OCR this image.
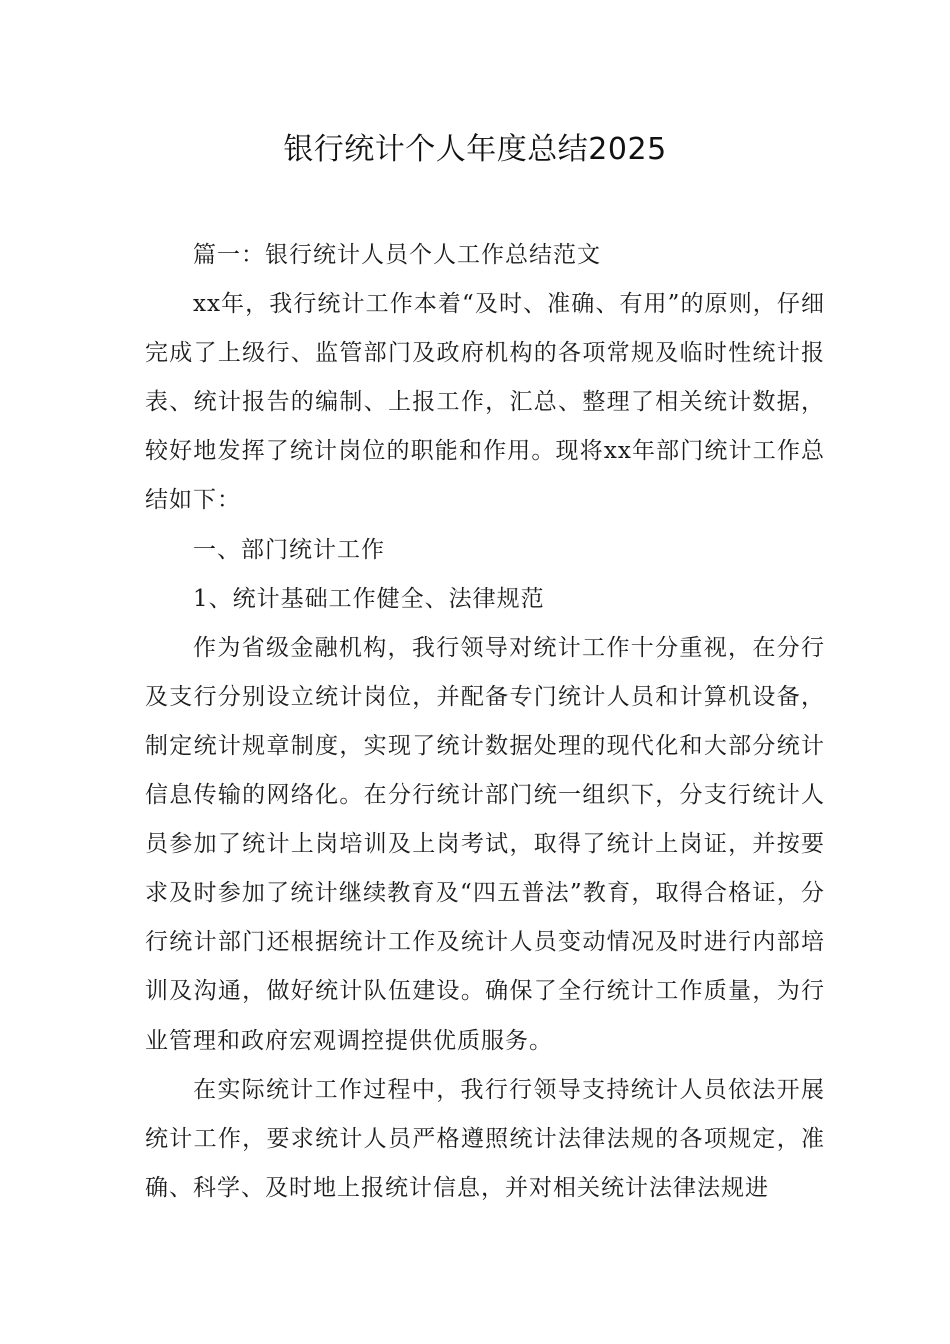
银行统计个人年度总结2025

篇一：银行统计人员个人工作总结范文

xx年，我行统计工作本着“及时、准确、有用”的原则，仔细完成了上级行、监管部门及政府机构的各项常规及临时性统计报表、统计报告的编制、上报工作，汇总、整理了相关统计数据，较好地发挥了统计岗位的职能和作用。现将xx年部门统计工作总结如下：

一、部门统计工作

1、统计基础工作健全、法律规范

作为省级金融机构，我行领导对统计工作十分重视，在分行及支行分别设立统计岗位，并配备专门统计人员和计算机设备，制定统计规章制度，实现了统计数据处理的现代化和大部分统计信息传输的网络化。在分行统计部门统一组织下，分支行统计人员参加了统计上岗培训及上岗考试，取得了统计上岗证，并按要求及时参加了统计继续教育及“四五普法”教育，取得合格证，分行统计部门还根据统计工作及统计人员变动情况及时进行内部培训及沟通，做好统计队伍建设。确保了全行统计工作质量，为行业管理和政府宏观调控提供优质服务。

在实际统计工作过程中，我行行领导支持统计人员依法开展统计工作，要求统计人员严格遵照统计法律法规的各项规定，准确、科学、及时地上报统计信息，并对相关统计法律法规进
